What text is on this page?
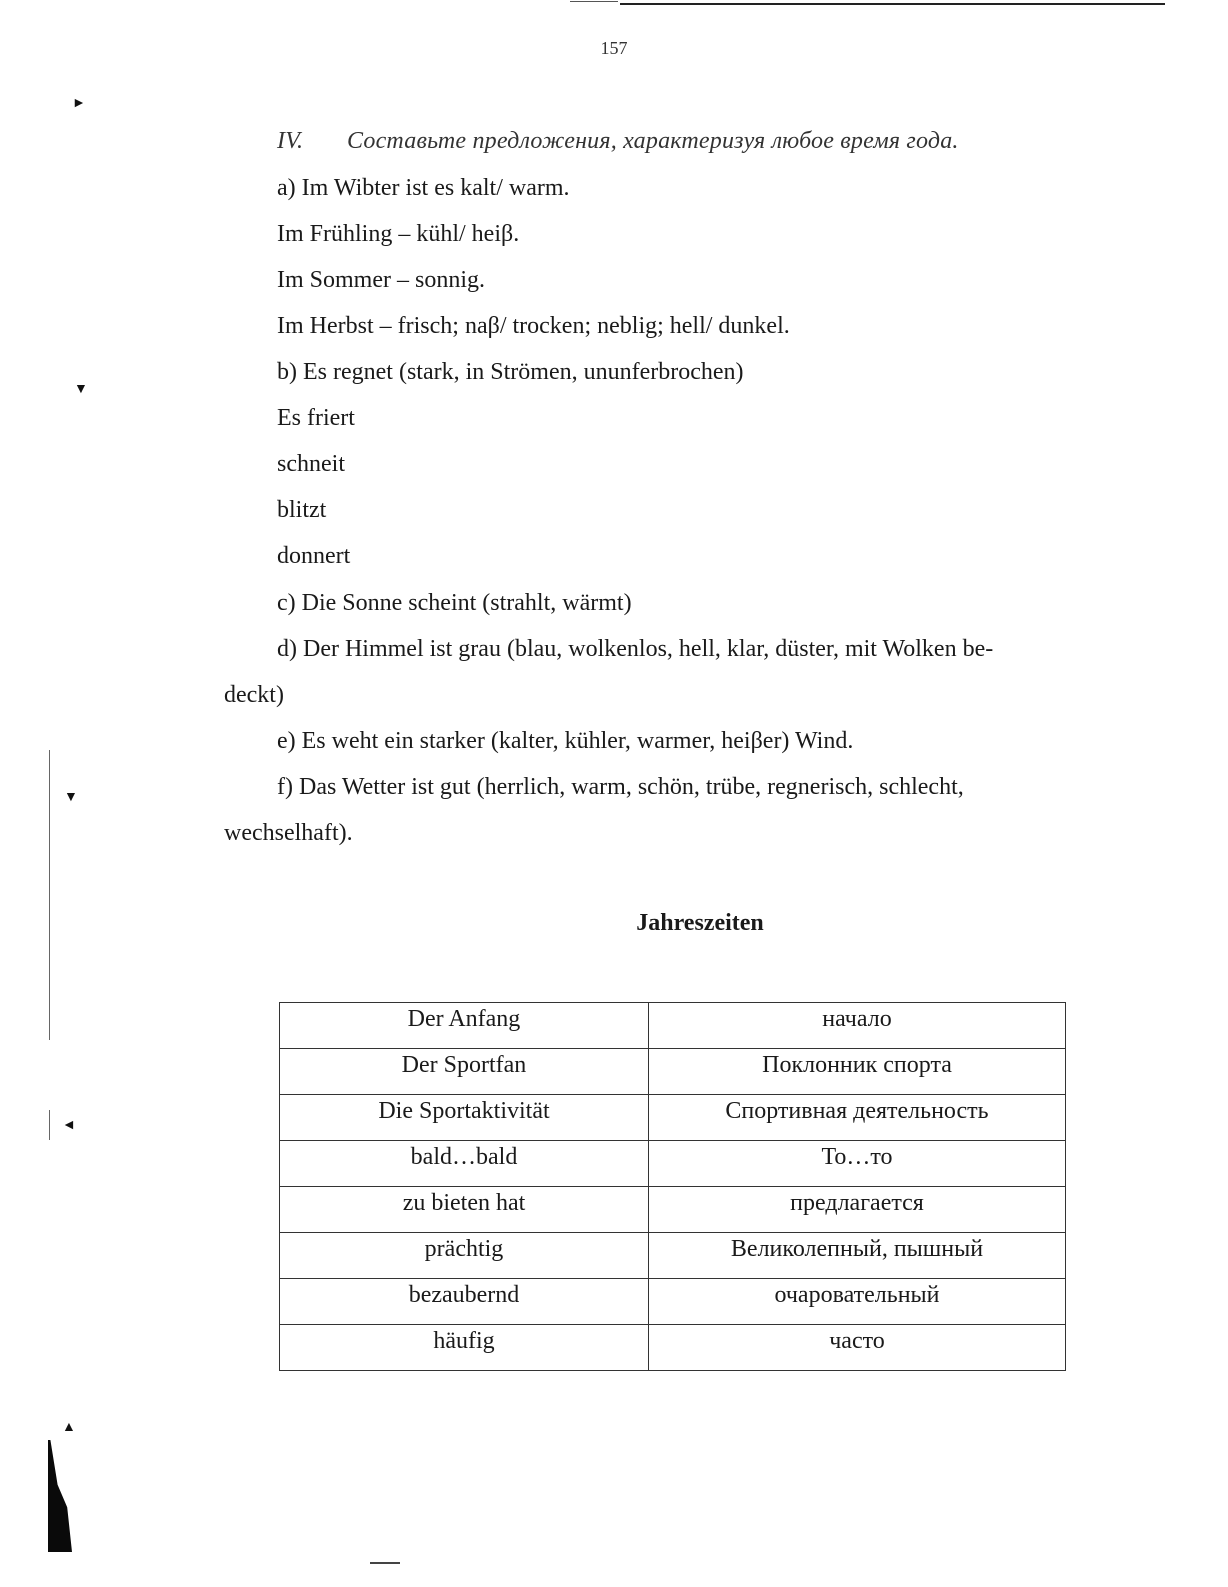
157
IV. Составьте предложения, характеризуя любое время года.
a) Im Wibter ist es kalt/ warm.
Im Frühling – kühl/ heiβ.
Im Sommer – sonnig.
Im Herbst – frisch; naβ/ trocken; neblig; hell/ dunkel.
b) Es regnet (stark, in Strömen, ununferbrochen)
Es friert
schneit
blitzt
donnert
c) Die Sonne scheint (strahlt, wärmt)
d) Der Himmel ist grau (blau, wolkenlos, hell, klar, düster, mit Wolken be-
deckt)
e) Es weht ein starker (kalter, kühler, warmer, heiβer) Wind.
f) Das Wetter ist gut (herrlich, warm, schön, trübe, regnerisch, schlecht,
wechselhaft).
Jahreszeiten
Der Anfang	начало
Der Sportfan	Поклонник спорта
Die Sportaktivität	Спортивная деятельность
bald…bald	То…то
zu bieten hat	предлагается
prächtig	Великолепный, пышный
bezaubernd	очаровательный
häufig	часто
►
▼
▼
◄
▲
